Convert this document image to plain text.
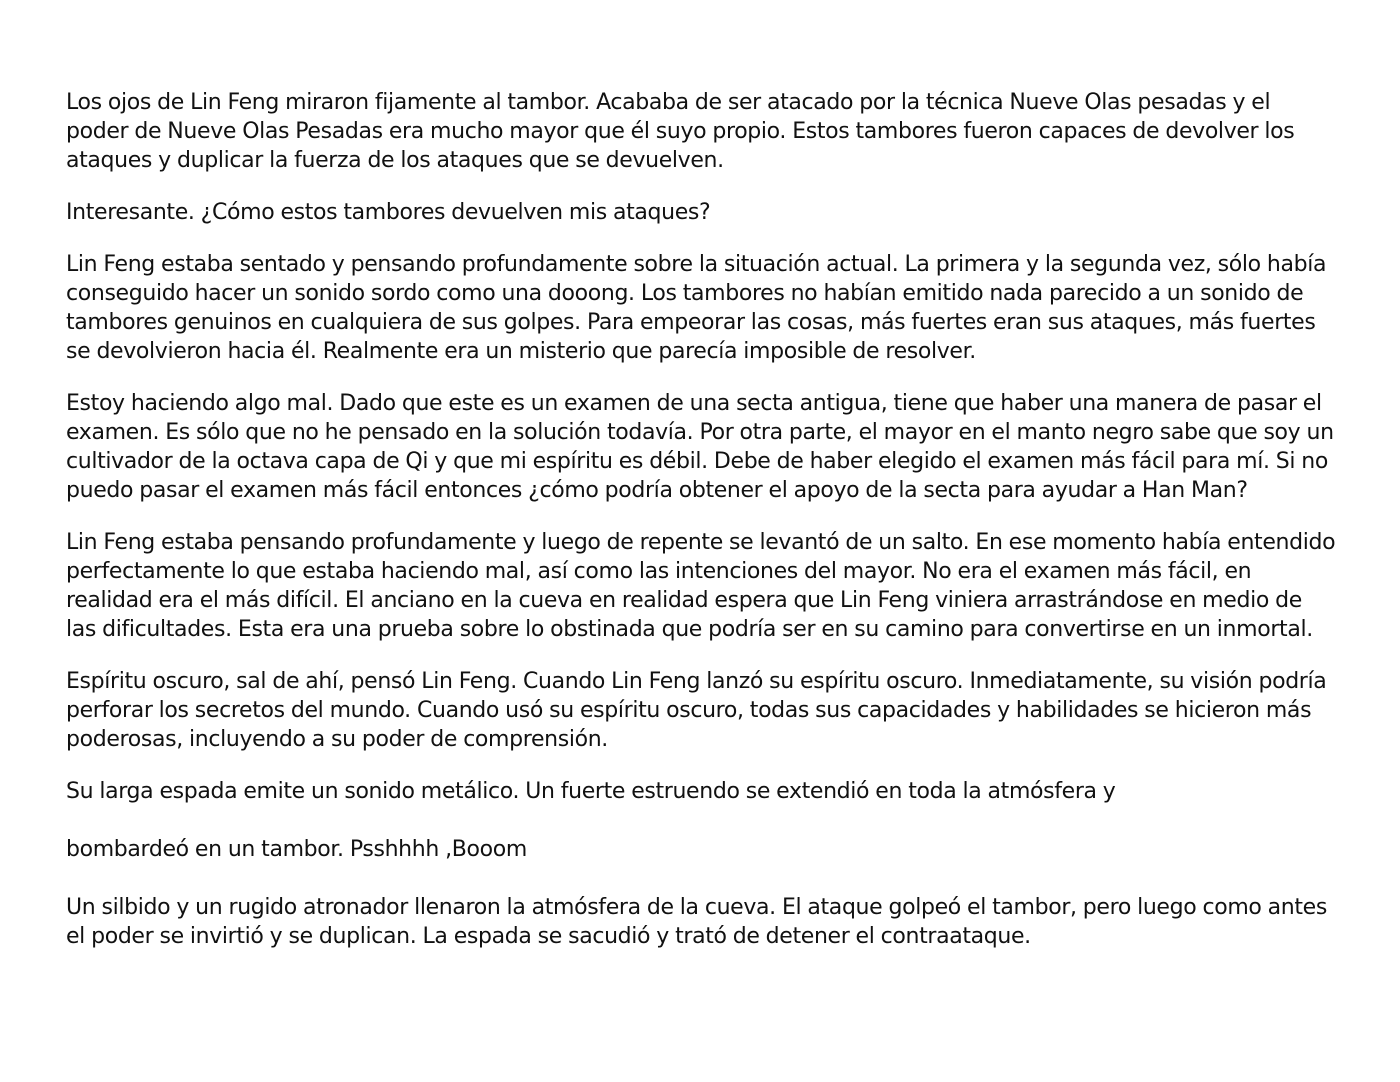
Los ojos de Lin Feng miraron fijamente al tambor. Acababa de ser atacado por la técnica Nueve Olas pesadas y el poder de Nueve Olas Pesadas era mucho mayor que él suyo propio. Estos tambores fueron capaces de devolver los ataques y duplicar la fuerza de los ataques que se devuelven.

Interesante. ¿Cómo estos tambores devuelven mis ataques?

Lin Feng estaba sentado y pensando profundamente sobre la situación actual. La primera y la segunda vez, sólo había conseguido hacer un sonido sordo como una dooong. Los tambores no habían emitido nada parecido a un sonido de tambores genuinos en cualquiera de sus golpes. Para empeorar las cosas, más fuertes eran sus ataques, más fuertes se devolvieron hacia él. Realmente era un misterio que parecía imposible de resolver.

Estoy haciendo algo mal. Dado que este es un examen de una secta antigua, tiene que haber una manera de pasar el examen. Es sólo que no he pensado en la solución todavía. Por otra parte, el mayor en el manto negro sabe que soy un cultivador de la octava capa de Qi y que mi espíritu es débil. Debe de haber elegido el examen más fácil para mí. Si no puedo pasar el examen más fácil entonces ¿cómo podría obtener el apoyo de la secta para ayudar a Han Man?

Lin Feng estaba pensando profundamente y luego de repente se levantó de un salto. En ese momento había entendido perfectamente lo que estaba haciendo mal, así como las intenciones del mayor. No era el examen más fácil, en realidad era el más difícil. El anciano en la cueva en realidad espera que Lin Feng viniera arrastrándose en medio de las dificultades. Esta era una prueba sobre lo obstinada que podría ser en su camino para convertirse en un inmortal.

Espíritu oscuro, sal de ahí, pensó Lin Feng. Cuando Lin Feng lanzó su espíritu oscuro. Inmediatamente, su visión podría perforar los secretos del mundo. Cuando usó su espíritu oscuro, todas sus capacidades y habilidades se hicieron más poderosas, incluyendo a su poder de comprensión.

Su larga espada emite un sonido metálico. Un fuerte estruendo se extendió en toda la atmósfera y

bombardeó en un tambor. Psshhhh ,Booom

Un silbido y un rugido atronador llenaron la atmósfera de la cueva. El ataque golpeó el tambor, pero luego como antes el poder se invirtió y se duplican. La espada se sacudió y trató de detener el contraataque.
